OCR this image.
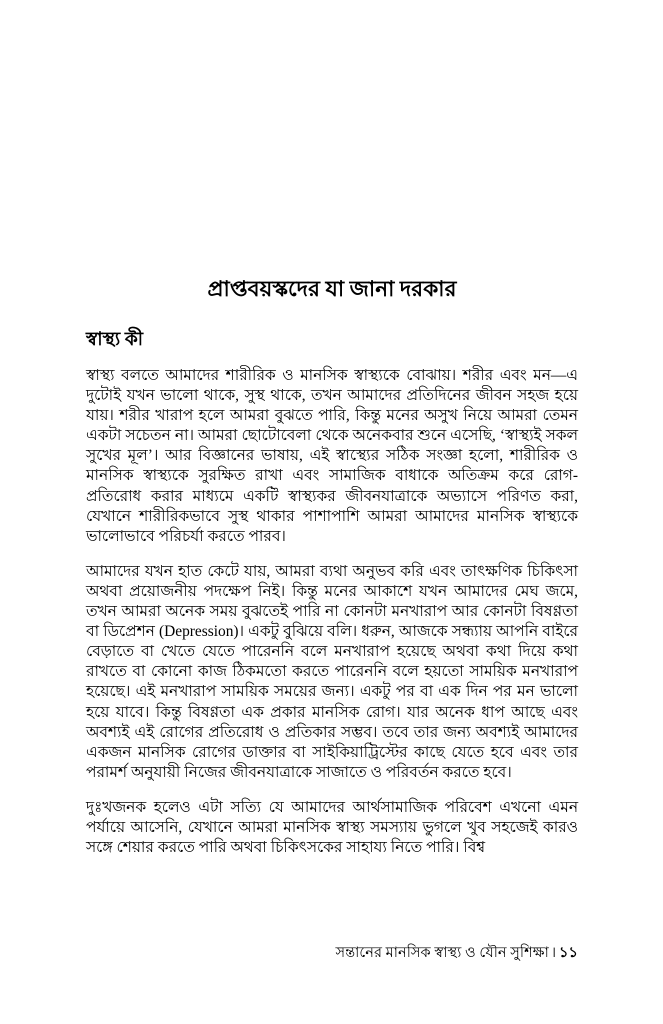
প্রাপ্তবয়স্কদের যা জানা দরকার
স্বাস্থ্য কী

স্বাস্থ্য বলতে আমাদের শারীরিক ও মানসিক স্বাস্থ্যকে বোঝায়। শরীর এবং মন—এ দুটোই যখন ভালো থাকে, সুস্থ থাকে, তখন আমাদের প্রতিদিনের জীবন সহজ হয়ে যায়। শরীর খারাপ হলে আমরা বুঝতে পারি, কিন্তু মনের অসুখ নিয়ে আমরা তেমন একটা সচেতন না। আমরা ছোটোবেলা থেকে অনেকবার শুনে এসেছি, ‘স্বাস্থ্যই সকল সুখের মূল’। আর বিজ্ঞানের ভাষায়, এই স্বাস্থ্যের সঠিক সংজ্ঞা হলো, শারীরিক ও মানসিক স্বাস্থ্যকে সুরক্ষিত রাখা এবং সামাজিক বাধাকে অতিক্রম করে রোগ-প্রতিরোধ করার মাধ্যমে একটি স্বাস্থ্যকর জীবনযাত্রাকে অভ্যাসে পরিণত করা, যেখানে শারীরিকভাবে সুস্থ থাকার পাশাপাশি আমরা আমাদের মানসিক স্বাস্থ্যকে ভালোভাবে পরিচর্যা করতে পারব।

আমাদের যখন হাত কেটে যায়, আমরা ব্যথা অনুভব করি এবং তাৎক্ষণিক চিকিৎসা অথবা প্রয়োজনীয় পদক্ষেপ নিই। কিন্তু মনের আকাশে যখন আমাদের মেঘ জমে, তখন আমরা অনেক সময় বুঝতেই পারি না কোনটা মনখারাপ আর কোনটা বিষণ্ণতা বা ডিপ্রেশন (Depression)। একটু বুঝিয়ে বলি। ধরুন, আজকে সন্ধ্যায় আপনি বাইরে বেড়াতে বা খেতে যেতে পারেননি বলে মনখারাপ হয়েছে অথবা কথা দিয়ে কথা রাখতে বা কোনো কাজ ঠিকমতো করতে পারেননি বলে হয়তো সাময়িক মনখারাপ হয়েছে। এই মনখারাপ সাময়িক সময়ের জন্য। একটু পর বা এক দিন পর মন ভালো হয়ে যাবে। কিন্তু বিষণ্ণতা এক প্রকার মানসিক রোগ। যার অনেক ধাপ আছে এবং অবশ্যই এই রোগের প্রতিরোধ ও প্রতিকার সম্ভব। তবে তার জন্য অবশ্যই আমাদের একজন মানসিক রোগের ডাক্তার বা সাইকিয়াট্রিস্টের কাছে যেতে হবে এবং তার পরামর্শ অনুযায়ী নিজের জীবনযাত্রাকে সাজাতে ও পরিবর্তন করতে হবে।

দুঃখজনক হলেও এটা সত্যি যে আমাদের আর্থসামাজিক পরিবেশ এখনো এমন পর্যায়ে আসেনি, যেখানে আমরা মানসিক স্বাস্থ্য সমস্যায় ভুগলে খুব সহজেই কারও সঙ্গে শেয়ার করতে পারি অথবা চিকিৎসকের সাহায্য নিতে পারি। বিশ্ব

সন্তানের মানসিক স্বাস্থ্য ও যৌন সুশিক্ষা । ১১
